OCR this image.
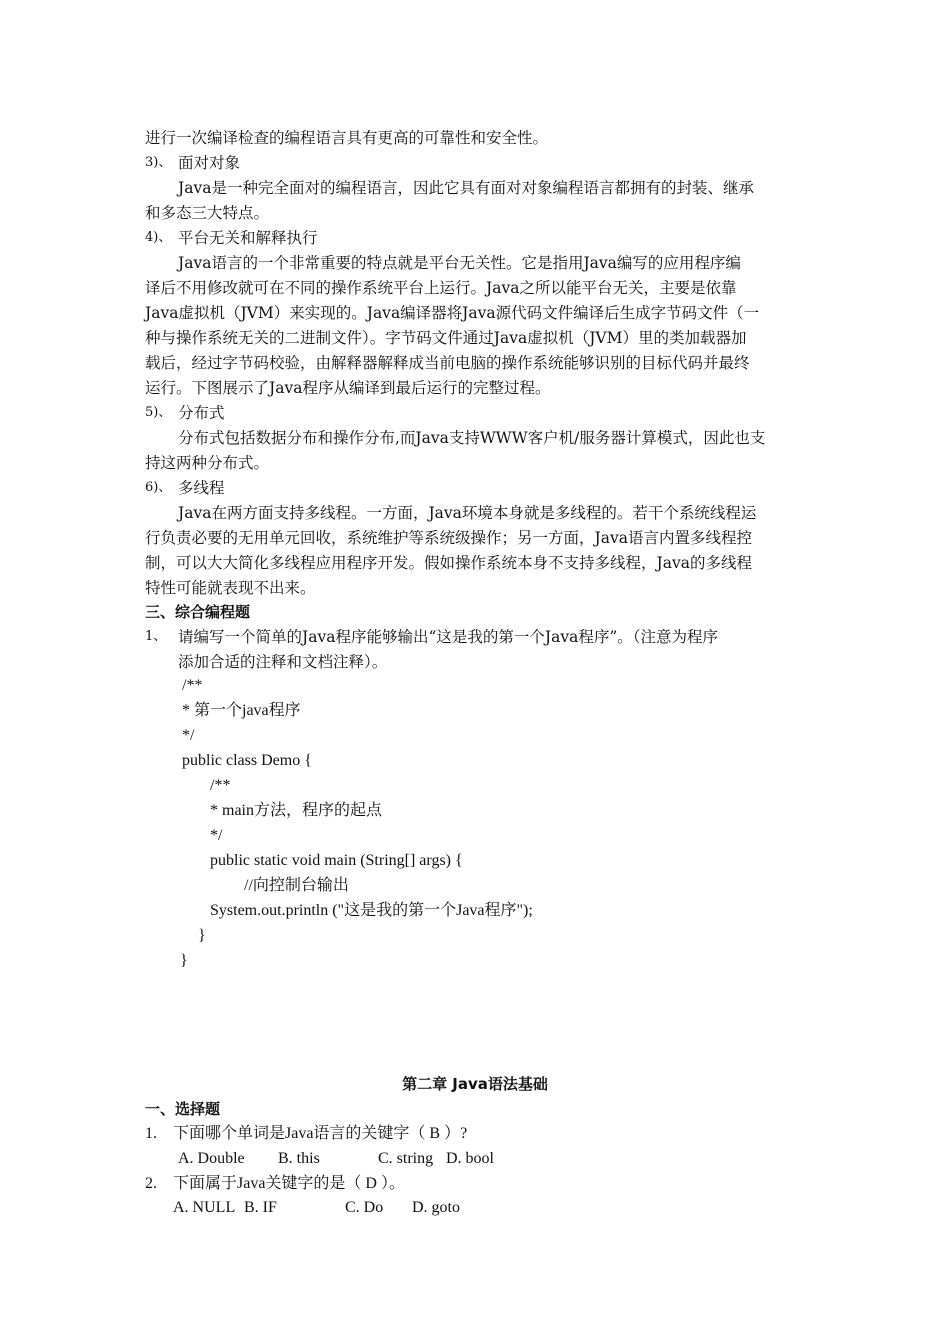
进行一次编译检查的编程语言具有更高的可靠性和安全性。
3)、 面对对象
Java是一种完全面对的编程语言，因此它具有面对对象编程语言都拥有的封装、继承
和多态三大特点。
4)、 平台无关和解释执行
Java语言的一个非常重要的特点就是平台无关性。它是指用Java编写的应用程序编
译后不用修改就可在不同的操作系统平台上运行。Java之所以能平台无关，主要是依靠
Java虚拟机（JVM）来实现的。Java编译器将Java源代码文件编译后生成字节码文件（一
种与操作系统无关的二进制文件）。字节码文件通过Java虚拟机（JVM）里的类加载器加
载后，经过字节码校验，由解释器解释成当前电脑的操作系统能够识别的目标代码并最终
运行。下图展示了Java程序从编译到最后运行的完整过程。
5)、 分布式
分布式包括数据分布和操作分布,而Java支持WWW客户机/服务器计算模式，因此也支
持这两种分布式。
6)、 多线程
Java在两方面支持多线程。一方面，Java环境本身就是多线程的。若干个系统线程运
行负责必要的无用单元回收，系统维护等系统级操作；另一方面，Java语言内置多线程控
制，可以大大简化多线程应用程序开发。假如操作系统本身不支持多线程，Java的多线程
特性可能就表现不出来。
三、综合编程题
1、 请编写一个简单的Java程序能够输出“这是我的第一个Java程序”。（注意为程序
添加合适的注释和文档注释）。
/**
* 第一个java程序
*/
public class Demo {
/**
* main方法，程序的起点
*/
public static void main (String[] args) {
//向控制台输出
System.out.println ("这是我的第一个Java程序");
}
}
第二章 Java语法基础
一、选择题
1. 下面哪个单词是Java语言的关键字（ B ）?
A. Double B. this	C. string D. bool
2. 下面属于Java关键字的是（ D ）。
A. NULL B. IF	C. Do D. goto
